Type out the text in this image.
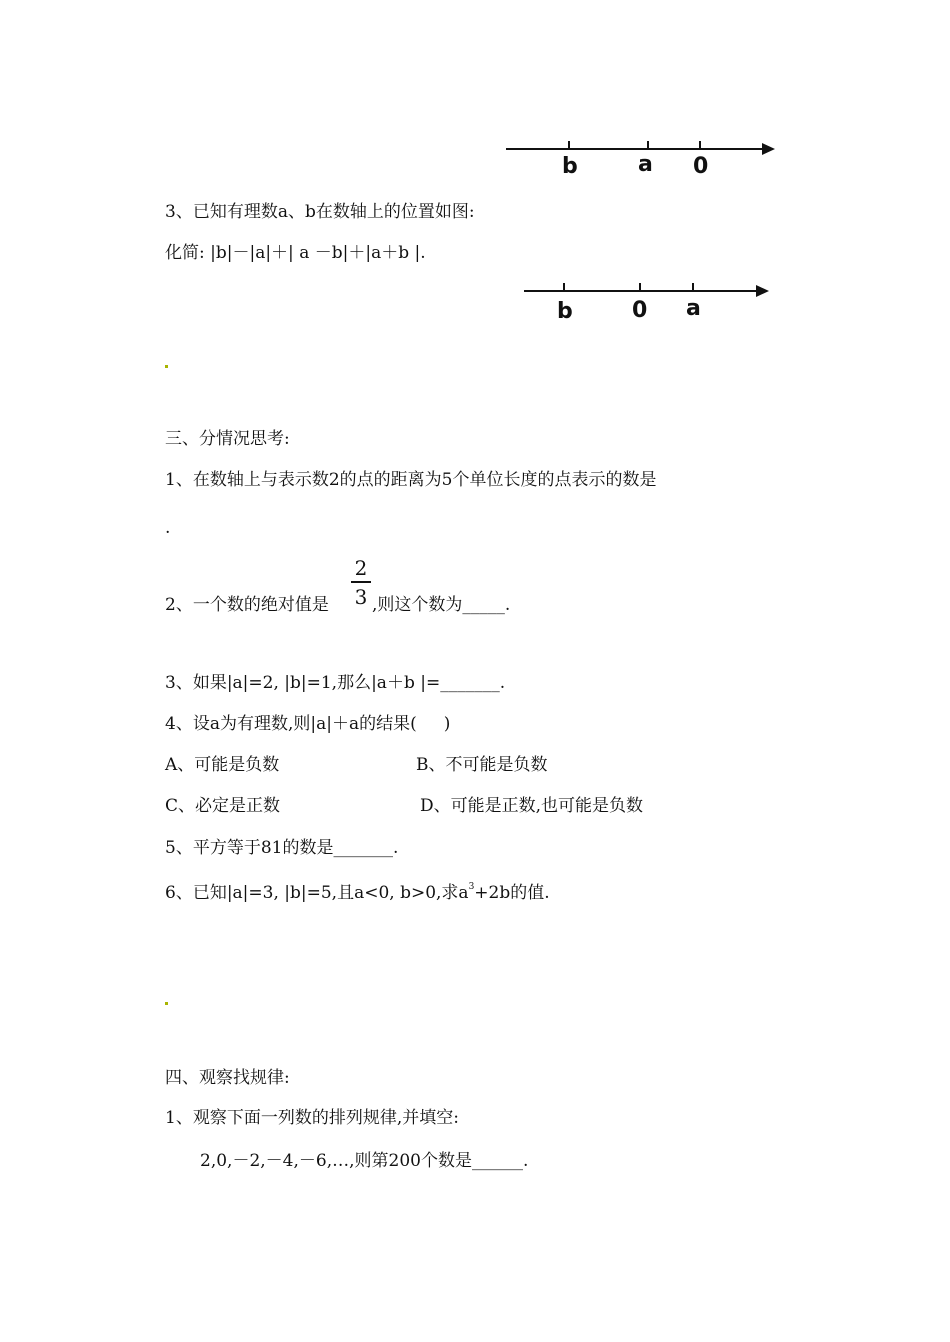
b	a 0
3、已知有理数a、b在数轴上的位置如图:
化简: |b|－|a|＋| a －b|＋|a＋b |.
b	0 a
三、分情况思考:
1、在数轴上与表示数2的点的距离为5个单位长度的点表示的数是
.
2、一个数的绝对值是
2
3 ,则这个数为_____.
3、如果|a|=2, |b|=1,那么|a＋b |=_______.
4、设a为有理数,则|a|＋a的结果(     )
A、可能是负数	B、不可能是负数
C、必定是正数	D、可能是正数,也可能是负数
5、平方等于81的数是_______.
6、已知|a|=3, |b|=5,且a<0, b>0,求$a^3+2b$的值.
四、观察找规律:
1、观察下面一列数的排列规律,并填空:
2,0,－2,－4,－6,…,则第200个数是______.
